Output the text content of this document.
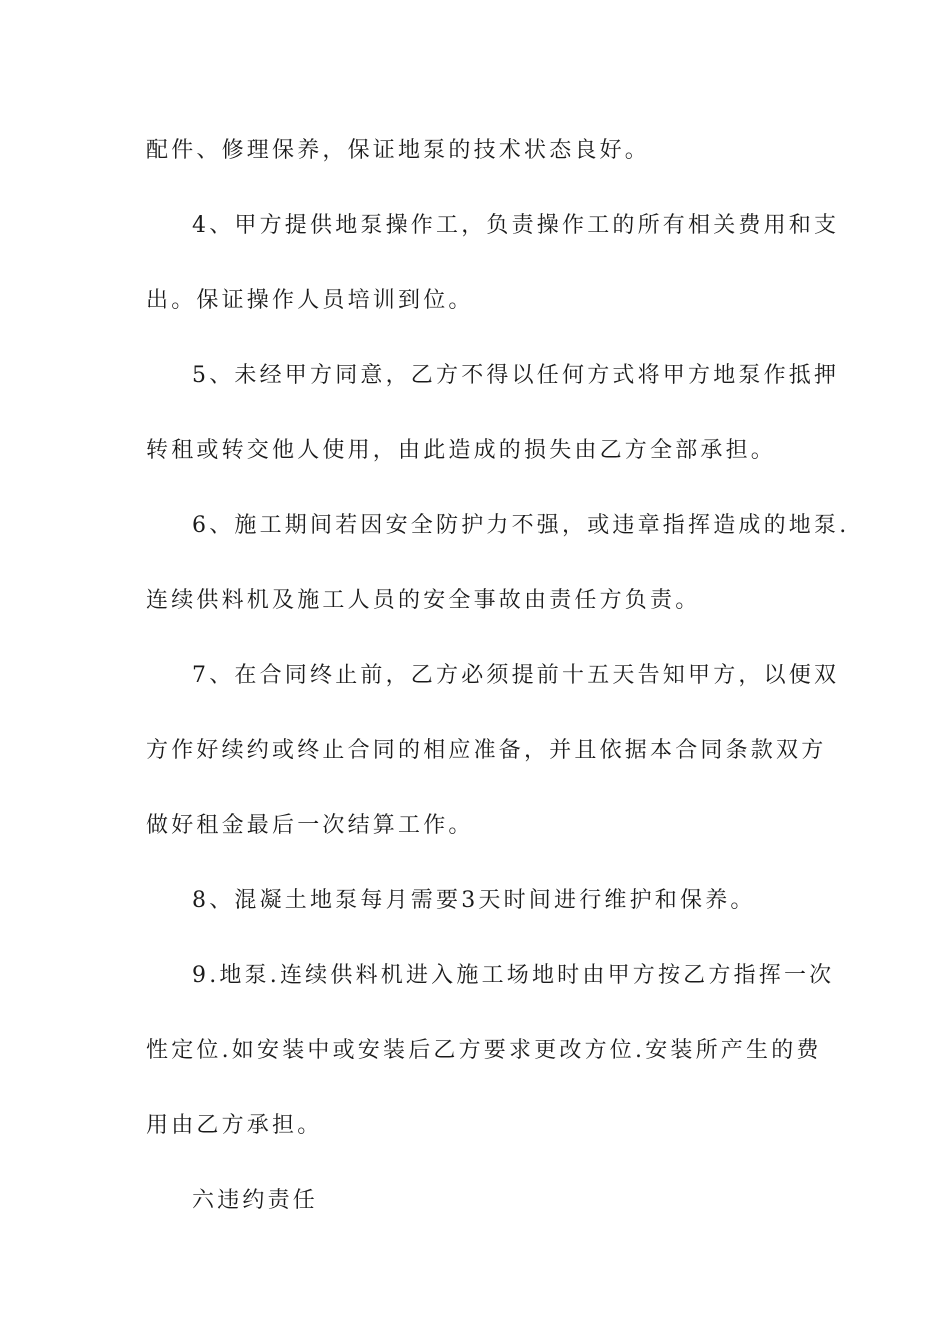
配件、修理保养，保证地泵的技术状态良好。
4、甲方提供地泵操作工，负责操作工的所有相关费用和支
出。保证操作人员培训到位。
5、未经甲方同意，乙方不得以任何方式将甲方地泵作抵押
转租或转交他人使用，由此造成的损失由乙方全部承担。
6、施工期间若因安全防护力不强，或违章指挥造成的地泵.
连续供料机及施工人员的安全事故由责任方负责。
7、在合同终止前，乙方必须提前十五天告知甲方，以便双
方作好续约或终止合同的相应准备，并且依据本合同条款双方
做好租金最后一次结算工作。
8、混凝土地泵每月需要3天时间进行维护和保养。
9.地泵.连续供料机进入施工场地时由甲方按乙方指挥一次
性定位.如安装中或安装后乙方要求更改方位.安装所产生的费
用由乙方承担。
六违约责任
